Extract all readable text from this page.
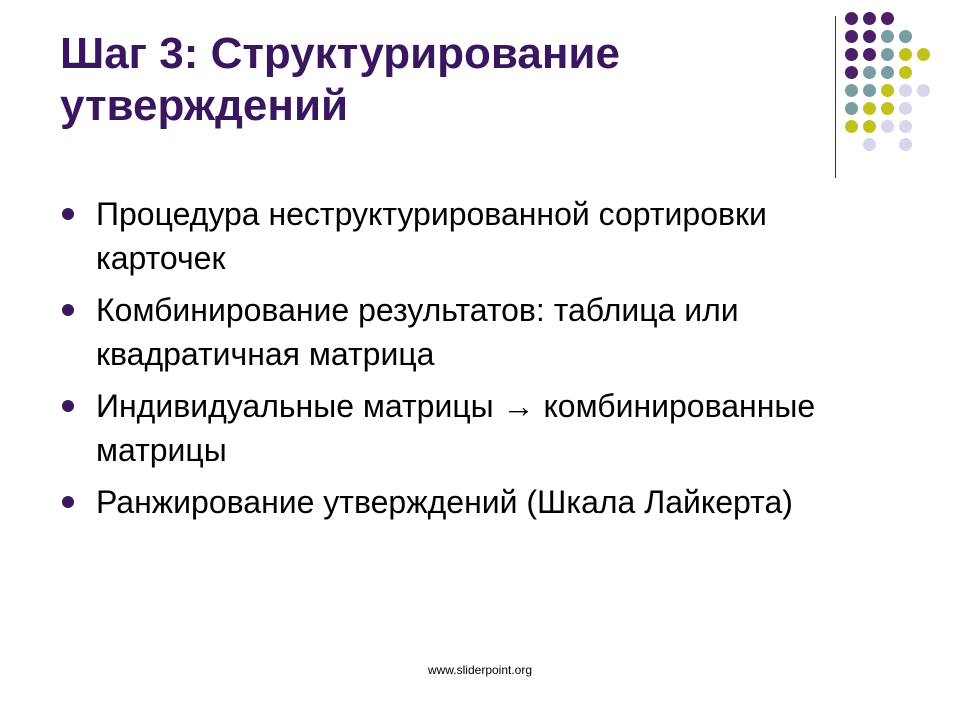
Шаг 3: Структурирование утверждений
Процедура неструктурированной сортировки карточек
Комбинирование результатов: таблица или квадратичная матрица
Индивидуальные матрицы → комбинированные матрицы
Ранжирование утверждений (Шкала Лайкерта)
www.sliderpoint.org
